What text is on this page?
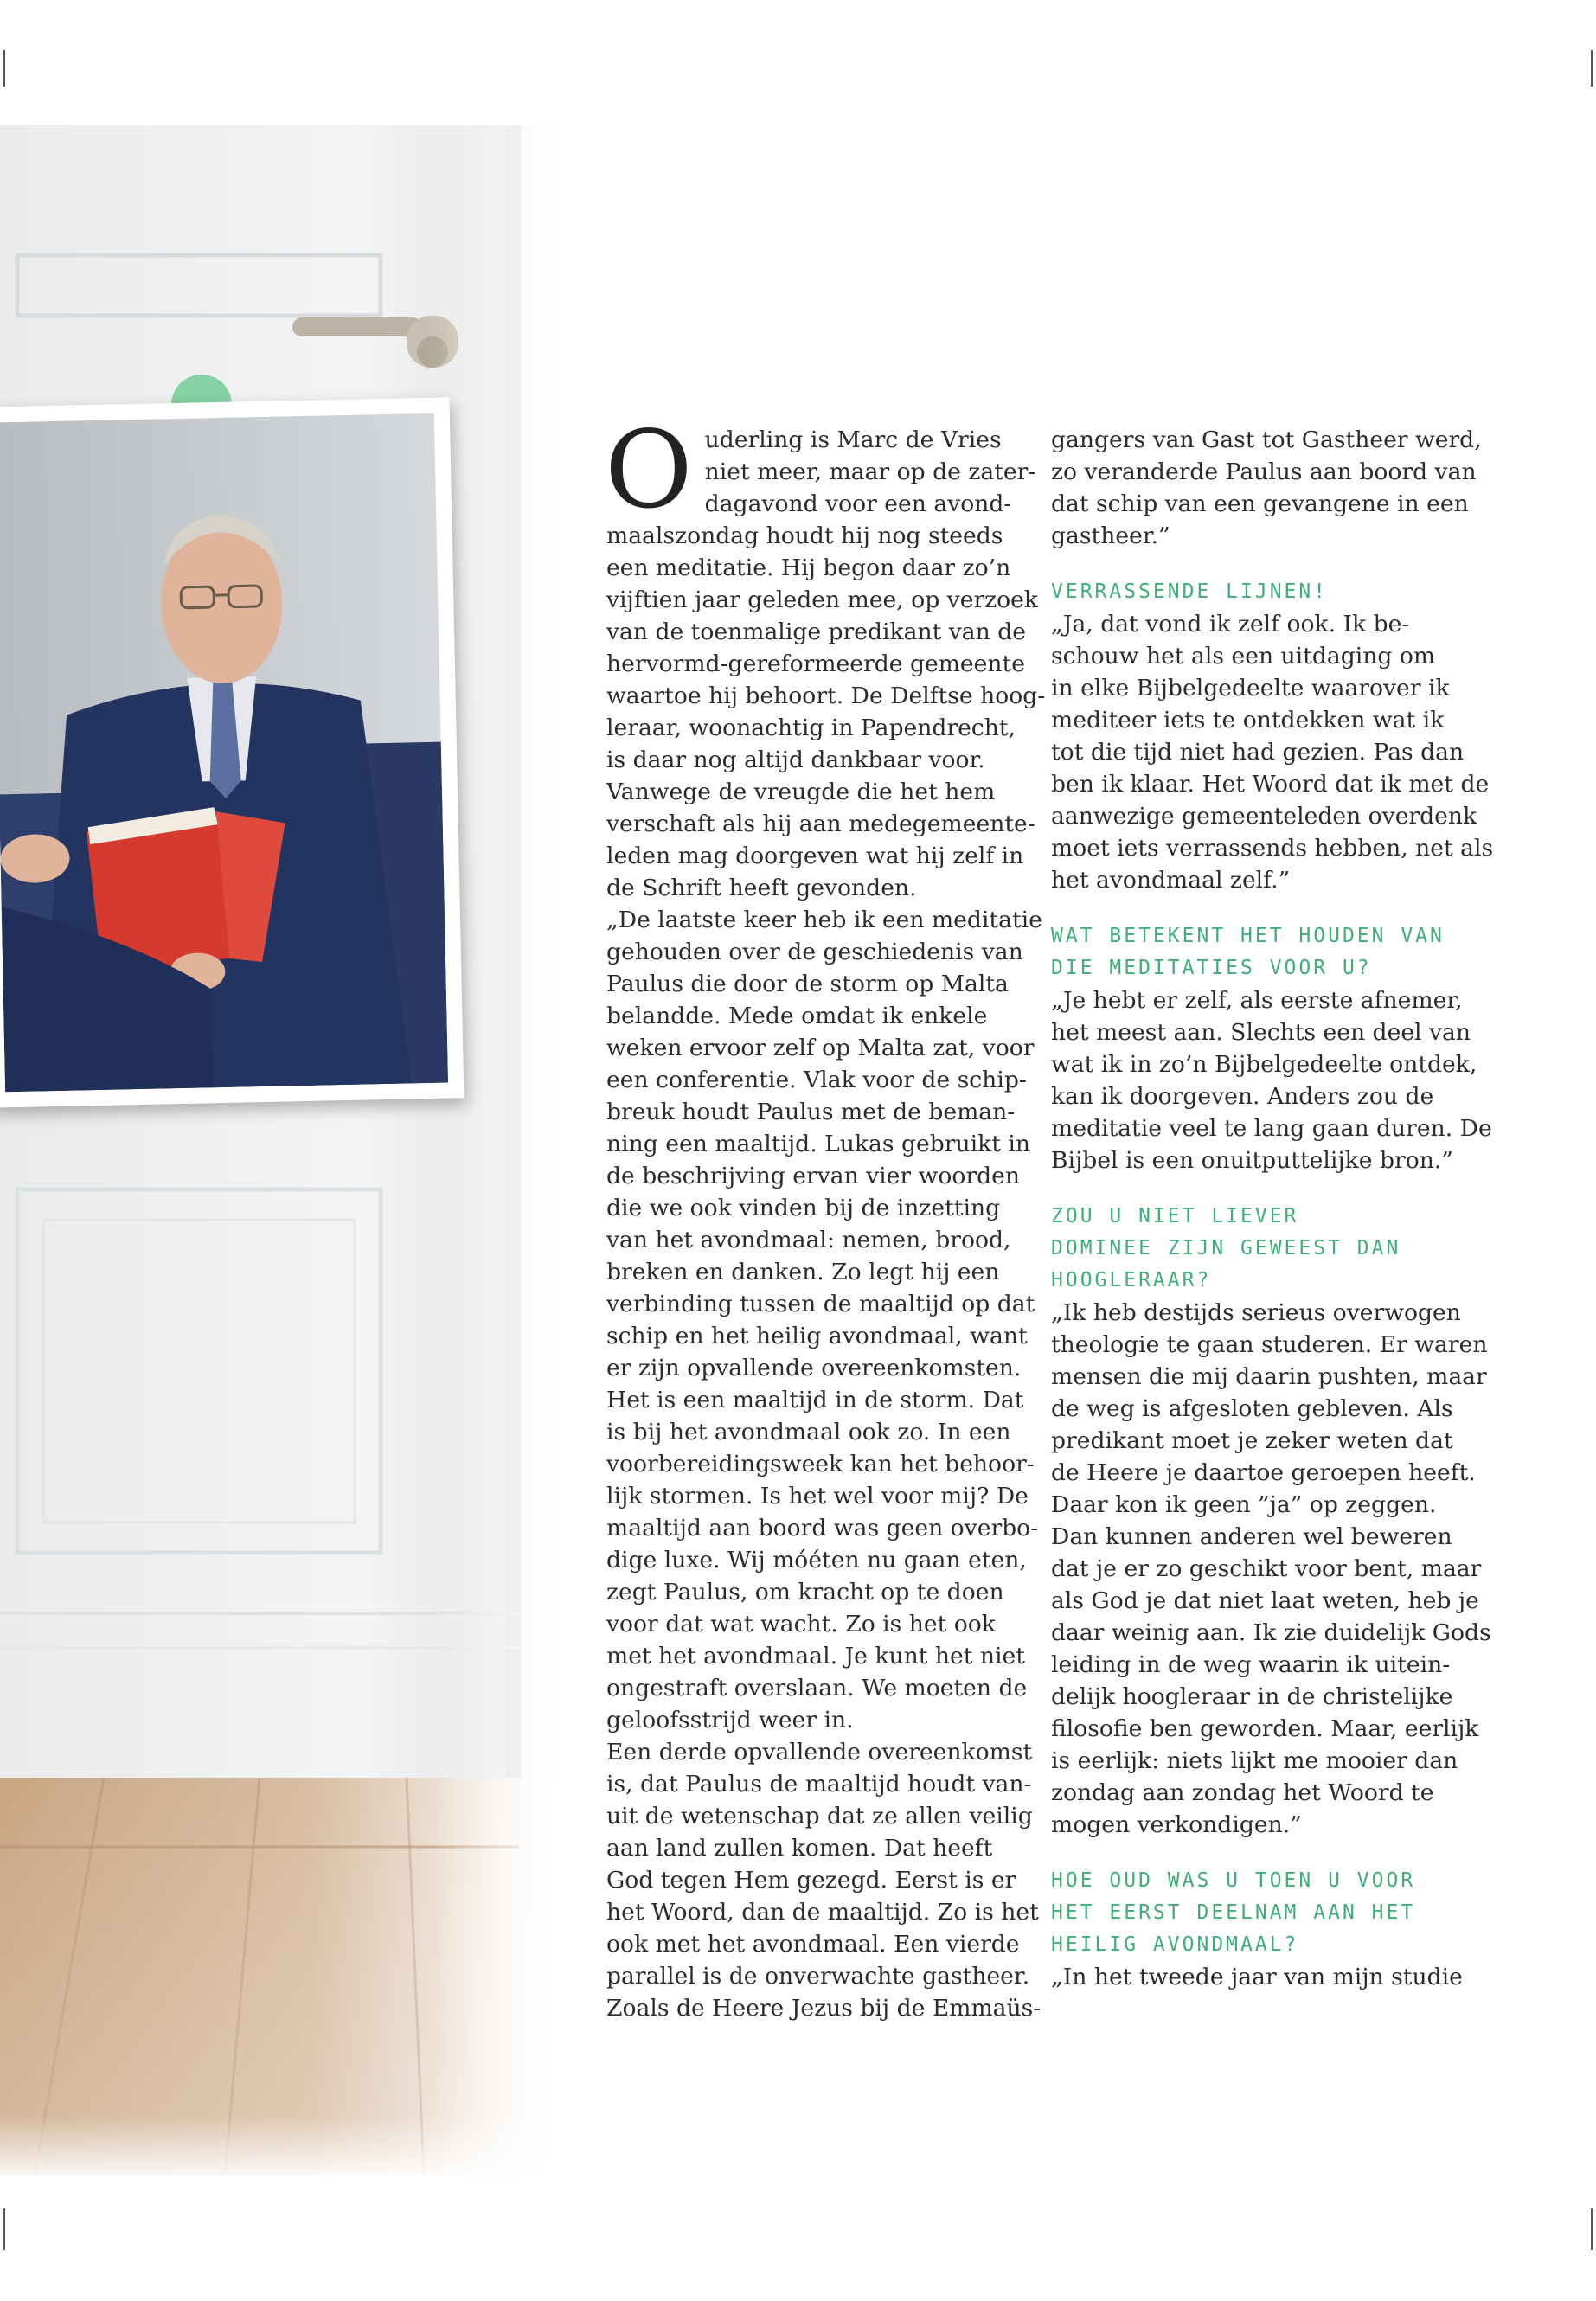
O uderling is Marc de Vries
niet meer, maar op de zater-
dagavond voor een avond-
maalszondag houdt hij nog steeds
een meditatie. Hij begon daar zo’n
vijftien jaar geleden mee, op verzoek
van de toenmalige predikant van de
hervormd-gereformeerde gemeente
waartoe hij behoort. De Delftse hoog-
leraar, woonachtig in Papendrecht,
is daar nog altijd dankbaar voor.
Vanwege de vreugde die het hem
verschaft als hij aan medegemeente-
leden mag doorgeven wat hij zelf in
de Schrift heeft gevonden.
„De laatste keer heb ik een meditatie
gehouden over de geschiedenis van
Paulus die door de storm op Malta
belandde. Mede omdat ik enkele
weken ervoor zelf op Malta zat, voor
een conferentie. Vlak voor de schip-
breuk houdt Paulus met de beman-
ning een maaltijd. Lukas gebruikt in
de beschrijving ervan vier woorden
die we ook vinden bij de inzetting
van het avondmaal: nemen, brood,
breken en danken. Zo legt hij een
verbinding tussen de maaltijd op dat
schip en het heilig avondmaal, want
er zijn opvallende overeenkomsten.
Het is een maaltijd in de storm. Dat
is bij het avondmaal ook zo. In een
voorbereidingsweek kan het behoor-
lijk stormen. Is het wel voor mij? De
maaltijd aan boord was geen overbo-
dige luxe. Wij móéten nu gaan eten,
zegt Paulus, om kracht op te doen
voor dat wat wacht. Zo is het ook
met het avondmaal. Je kunt het niet
ongestraft overslaan. We moeten de
geloofsstrijd weer in.
Een derde opvallende overeenkomst
is, dat Paulus de maaltijd houdt van-
uit de wetenschap dat ze allen veilig
aan land zullen komen. Dat heeft
God tegen Hem gezegd. Eerst is er
het Woord, dan de maaltijd. Zo is het
ook met het avondmaal. Een vierde
parallel is de onverwachte gastheer.
Zoals de Heere Jezus bij de Emmaüs-
gangers van Gast tot Gastheer werd,
zo veranderde Paulus aan boord van
dat schip van een gevangene in een
gastheer.”
VERRASSENDE LIJNEN!
„Ja, dat vond ik zelf ook. Ik be-
schouw het als een uitdaging om
in elke Bijbelgedeelte waarover ik
mediteer iets te ontdekken wat ik
tot die tijd niet had gezien. Pas dan
ben ik klaar. Het Woord dat ik met de
aanwezige gemeenteleden overdenk
moet iets verrassends hebben, net als
het avondmaal zelf.”
WAT BETEKENT HET HOUDEN VAN
DIE MEDITATIES VOOR U?
„Je hebt er zelf, als eerste afnemer,
het meest aan. Slechts een deel van
wat ik in zo’n Bijbelgedeelte ontdek,
kan ik doorgeven. Anders zou de
meditatie veel te lang gaan duren. De
Bijbel is een onuitputtelijke bron.”
ZOU U NIET LIEVER
DOMINEE ZIJN GEWEEST DAN
HOOGLERAAR?
„Ik heb destijds serieus overwogen
theologie te gaan studeren. Er waren
mensen die mij daarin pushten, maar
de weg is afgesloten gebleven. Als
predikant moet je zeker weten dat
de Heere je daartoe geroepen heeft.
Daar kon ik geen ”ja” op zeggen.
Dan kunnen anderen wel beweren
dat je er zo geschikt voor bent, maar
als God je dat niet laat weten, heb je
daar weinig aan. Ik zie duidelijk Gods
leiding in de weg waarin ik uitein-
delijk hoogleraar in de christelijke
filosofie ben geworden. Maar, eerlijk
is eerlijk: niets lijkt me mooier dan
zondag aan zondag het Woord te
mogen verkondigen.”
HOE OUD WAS U TOEN U VOOR
HET EERST DEELNAM AAN HET
HEILIG AVONDMAAL?
„In het tweede jaar van mijn studie
